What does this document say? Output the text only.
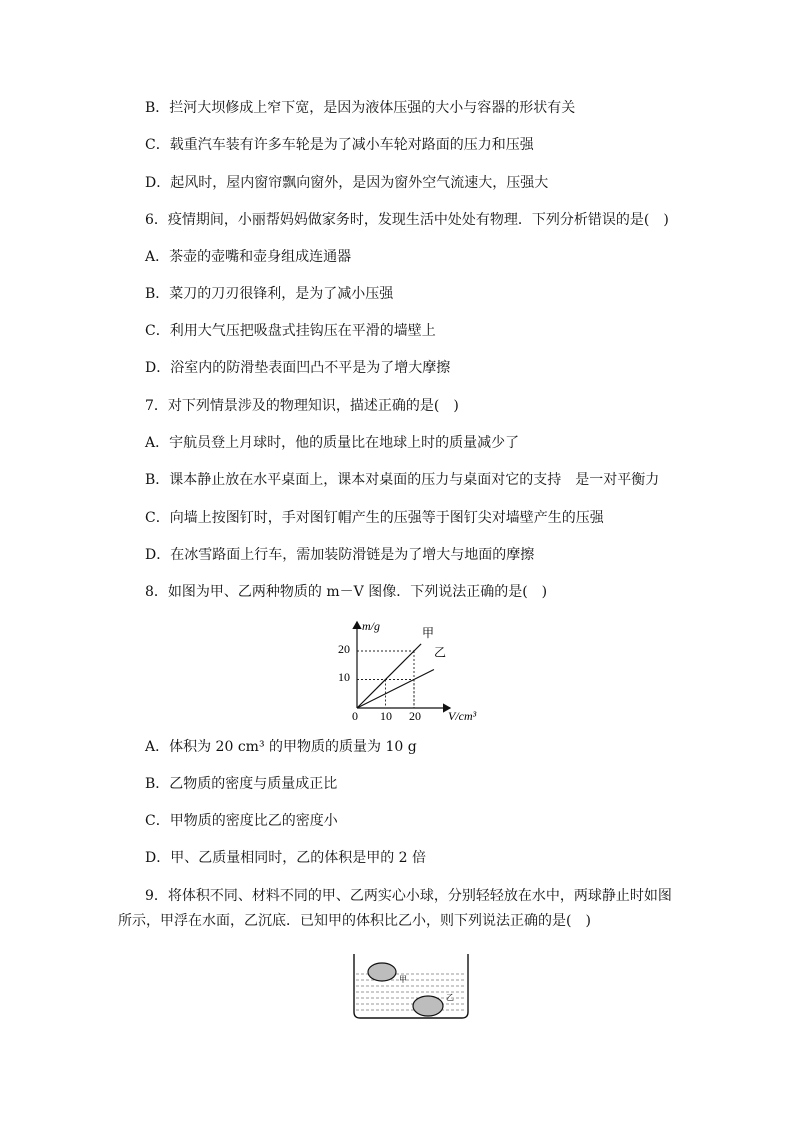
B．拦河大坝修成上窄下宽，是因为液体压强的大小与容器的形状有关
C．载重汽车装有许多车轮是为了减小车轮对路面的压力和压强
D．起风时，屋内窗帘飘向窗外，是因为窗外空气流速大，压强大
6．疫情期间，小丽帮妈妈做家务时，发现生活中处处有物理．下列分析错误的是(　)
A．茶壶的壶嘴和壶身组成连通器
B．菜刀的刀刃很锋利，是为了减小压强
C．利用大气压把吸盘式挂钩压在平滑的墙壁上
D．浴室内的防滑垫表面凹凸不平是为了增大摩擦
7．对下列情景涉及的物理知识，描述正确的是(　)
A．宇航员登上月球时，他的质量比在地球上时的质量减少了
B．课本静止放在水平桌面上，课本对桌面的压力与桌面对它的支持　是一对平衡力
C．向墙上按图钉时，手对图钉帽产生的压强等于图钉尖对墙壁产生的压强
D．在冰雪路面上行车，需加装防滑链是为了增大与地面的摩擦
8．如图为甲、乙两种物质的 m－V 图像．下列说法正确的是(　)
A．体积为 20 cm³ 的甲物质的质量为 10 g
B．乙物质的密度与质量成正比
C．甲物质的密度比乙的密度小
D．甲、乙质量相同时，乙的体积是甲的 2 倍
9．将体积不同、材料不同的甲、乙两实心小球，分别轻轻放在水中，两球静止时如图
所示，甲浮在水面，乙沉底．已知甲的体积比乙小，则下列说法正确的是(　)
m/g
V/cm³
0 10 20
10
20
甲
乙
甲
乙
